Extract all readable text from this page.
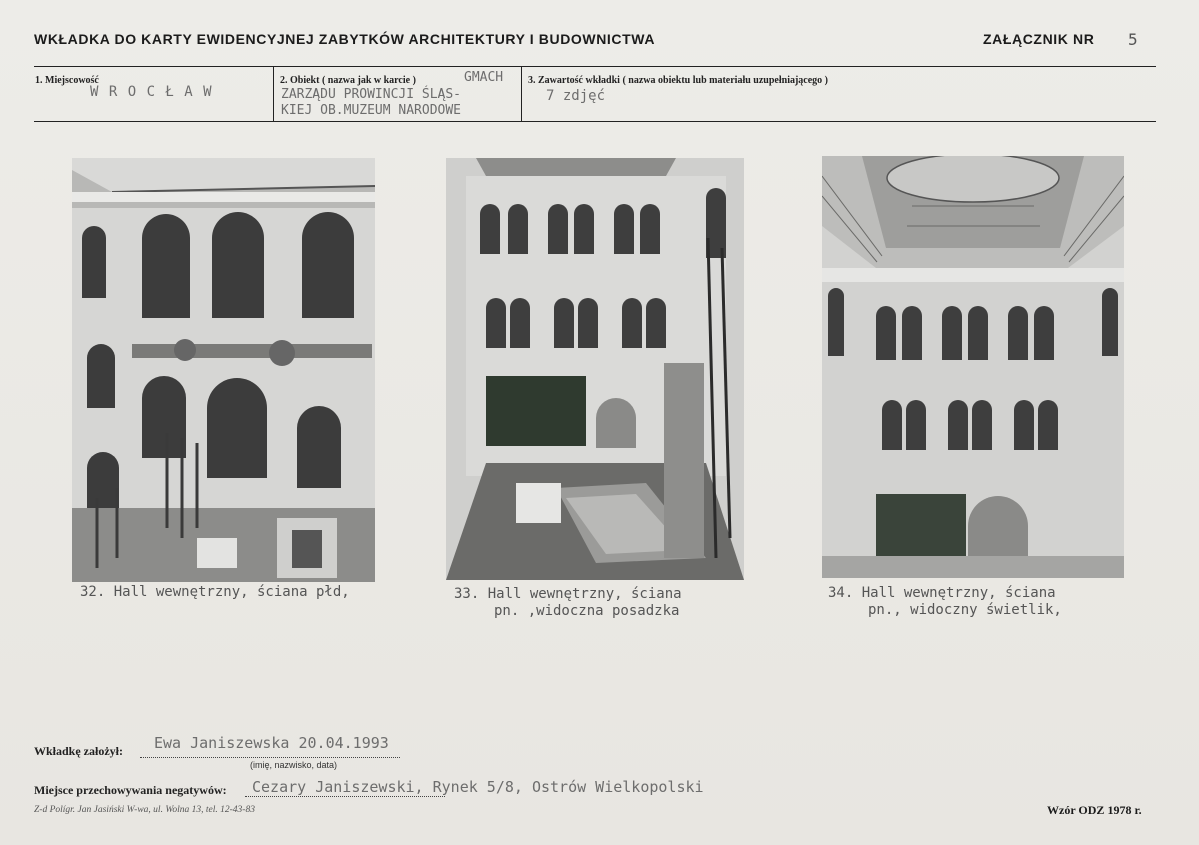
WKŁADKA DO KARTY EWIDENCYJNEJ ZABYTKÓW ARCHITEKTURY I BUDOWNICTWA	ZAŁĄCZNIK NR 5
1. Miejscowość
W R O C Ł A W
2. Obiekt ( nazwa jak w karcie )	GMACH
ZARZĄDU PROWINCJI ŚLĄS-
KIEJ OB.MUZEUM NARODOWE
3. Zawartość wkładki ( nazwa obiektu lub materiału uzupełniającego )
7 zdjęć
32. Hall wewnętrzny, ściana płd,	33. Hall wewnętrzny, ściana
pn. ,widoczna posadzka
34. Hall wewnętrzny, ściana
pn., widoczny świetlik,
Wkładkę założył: Ewa Janiszewska 20.04.1993
(imię, nazwisko, data)
Miejsce przechowywania negatywów: Cezary Janiszewski, Rynek 5/8, Ostrów Wielkopolski
Z-d Polígr. Jan Jasiński W-wa, ul. Wolna 13, tel. 12-43-83	Wzór ODZ 1978 r.
